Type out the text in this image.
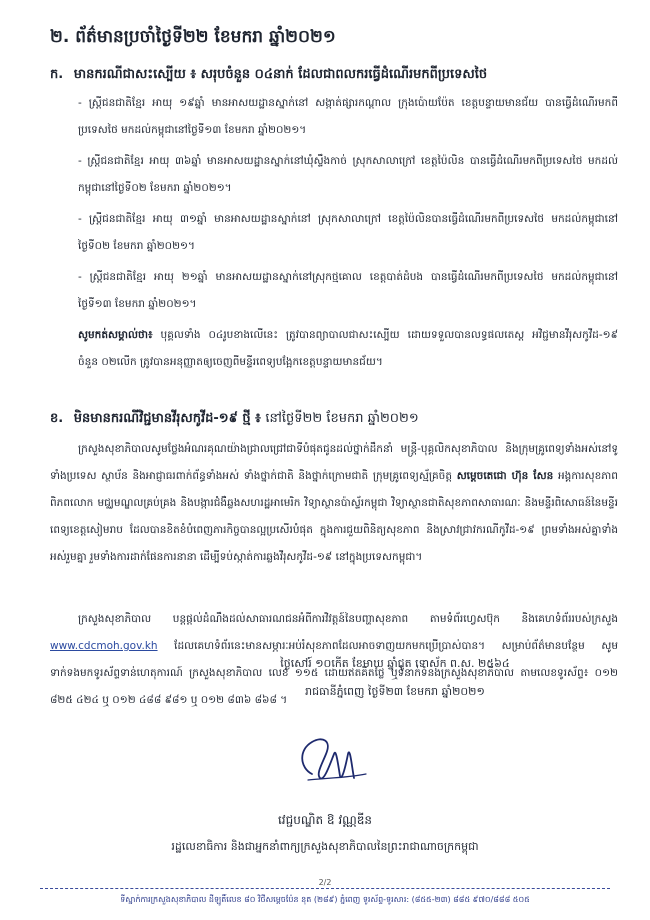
២. ព័ត៌មានប្រចាំថ្ងៃទី២២ ខែមករា ឆ្នាំ២០២១
ក. មានករណីជាសះស្បើយ ៖ សរុបចំនួន ០៤នាក់ ដែលជាពលករធ្វើដំណើរមកពីប្រទេសថៃ
- ស្ត្រីជនជាតិខ្មែរ អាយុ ១៩ឆ្នាំ មានអាសយដ្ឋានស្នាក់នៅ សង្កាត់ផ្សារកណ្តាល ក្រុងប៉ោយប៉ែត ខេត្តបន្ទាយមានជ័យ បានធ្វើដំណើរមកពីប្រទេសថៃ មកដល់កម្ពុជានៅថ្ងៃទី១៣ ខែមករា ឆ្នាំ២០២១។
- ស្ត្រីជនជាតិខ្មែរ អាយុ ៣៦ឆ្នាំ មានអាសយដ្ឋានស្នាក់នៅឃុំស្ទឹងកាច់ ស្រុកសាលាក្រៅ ខេត្តប៉ៃលិន បានធ្វើដំណើរមកពីប្រទេសថៃ មកដល់កម្ពុជានៅថ្ងៃទី០២ ខែមករា ឆ្នាំ២០២១។
- ស្ត្រីជនជាតិខ្មែរ អាយុ ៣១ឆ្នាំ មានអាសយដ្ឋានស្នាក់នៅ ស្រុកសាលាក្រៅ ខេត្តប៉ៃលិនបានធ្វើដំណើរមកពីប្រទេសថៃ មកដល់កម្ពុជានៅថ្ងៃទី០២ ខែមករា ឆ្នាំ២០២១។
- ស្ត្រីជនជាតិខ្មែរ អាយុ ២១ឆ្នាំ មានអាសយដ្ឋានស្នាក់នៅស្រុកថ្មគោល ខេត្តបាត់ដំបង បានធ្វើដំណើរមកពីប្រទេសថៃ មកដល់កម្ពុជានៅថ្ងៃទី១៣ ខែមករា ឆ្នាំ២០២១។
សូមកត់សម្គាល់ថា៖ បុគ្គលទាំង ០៤រូបខាងលើនេះ ត្រូវបានព្យាបាលជាសះស្បើយ ដោយទទួលបានលទ្ធផលតេស្ត អវិជ្ជមានវីរុសកូវីដ-១៩ ចំនួន ០២លើក ត្រូវបានអនុញ្ញាតឲ្យចេញពីមន្ទីរពេទ្យបង្អែកខេត្តបន្ទាយមានជ័យ។
ខ. មិនមានករណីវិជ្ជមានវីរុសកូវីដ-១៩ ថ្មី ៖ នៅថ្ងៃទី២២ ខែមករា ឆ្នាំ២០២១
ក្រសួងសុខាភិបាលសូមថ្លែងអំណរគុណយ៉ាងជ្រាលជ្រៅជាទីបំផុតជូនដល់ថ្នាក់ដឹកនាំ មន្ត្រី-បុគ្គលិកសុខាភិបាល និងក្រុមគ្រូពេទ្យទាំងអស់នៅទូទាំងប្រទេស ស្ថាប័ន និងអាជ្ញាធរពាក់ព័ន្ធទាំងអស់ ទាំងថ្នាក់ជាតិ និងថ្នាក់ក្រោមជាតិ ក្រុមគ្រូពេទ្យស្ម័គ្រចិត្ត សម្តេចតេជោ ហ៊ុន សែន អង្គការសុខភាពពិភពលោក មជ្ឈមណ្ឌលគ្រប់គ្រង និងបង្ការជំងឺឆ្លងសហរដ្ឋអាមេរិក វិទ្យាស្ថានប៉ាស្ទ័រកម្ពុជា វិទ្យាស្ថានជាតិសុខភាពសាធារណៈ និងមន្ទីរពិសោធន៍នៃមន្ទីរពេទ្យខេត្តសៀមរាប ដែលបានខិតខំបំពេញភារកិច្ចបានល្អប្រសើរបំផុត ក្នុងការជួយពិនិត្យសុខភាព និងស្រាវជ្រាវករណីកូវីដ-១៩ ព្រមទាំងអស់គ្នាទាំងអស់រួមគ្នា រួមទាំងការដាក់ផែនការនានា ដើម្បីទប់ស្កាត់ការឆ្លងវីរុសកូវីដ-១៩ នៅក្នុងប្រទេសកម្ពុជា។
ក្រសួងសុខាភិបាល បន្តផ្ដល់ដំណឹងដល់សាធារណជនអំពីការវិវត្តន៍នៃបញ្ហាសុខភាព តាមទំព័រហ្វេសប៊ុក និងគេហទំព័ររបស់ក្រសួង www.cdcmoh.gov.kh ដែលគេហទំព័រនេះមានសម្ភារៈអប់រំសុខភាពដែលអាចទាញយកមកប្រើប្រាស់បាន។ សម្រាប់ព័ត៌មានបន្ថែម សូមទាក់ទងមកទូរស័ព្ទទាន់ហេតុការណ៍ ក្រសួងសុខាភិបាល លេខ ១១៥ ដោយឥតគិតថ្លៃ ឬទំនាក់ទំនងក្រសួងសុខាភិបាល តាមលេខទូរស័ព្ទ៖ ០១២ ៨២៥ ៤២៤ ឬ ០១២ ៤៨៨ ៩៨១ ឬ ០១២ ៨៣៦ ៨៦៨ ។
ថ្ងៃសៅរ៍ ១០កើត ខែមាឃ ឆ្នាំជូត ទោស័ក ព.ស. ២៥៦៤
រាជធានីភ្នំពេញ ថ្ងៃទី២៣ ខែមករា ឆ្នាំ២០២១
វេជ្ជបណ្ឌិត ឱ វណ្ណឌីន
រដ្ឋលេខាធិការ និងជាអ្នកនាំពាក្យក្រសួងសុខាភិបាលនៃព្រះរាជាណាចក្រកម្ពុជា
2/2
ទីស្នាក់ការក្រសួងសុខាភិបាល ដីឡូតិ៍លេខ ៨០ វិថីសម្តេចប៉ែន នុត (២៨៩) ភ្នំពេញ ទូរស័ព្ទ-ទូរសារ: (៨៥៥-២៣) ៨៨៥ ៩៧០/៨៨៨ ៥០៥
